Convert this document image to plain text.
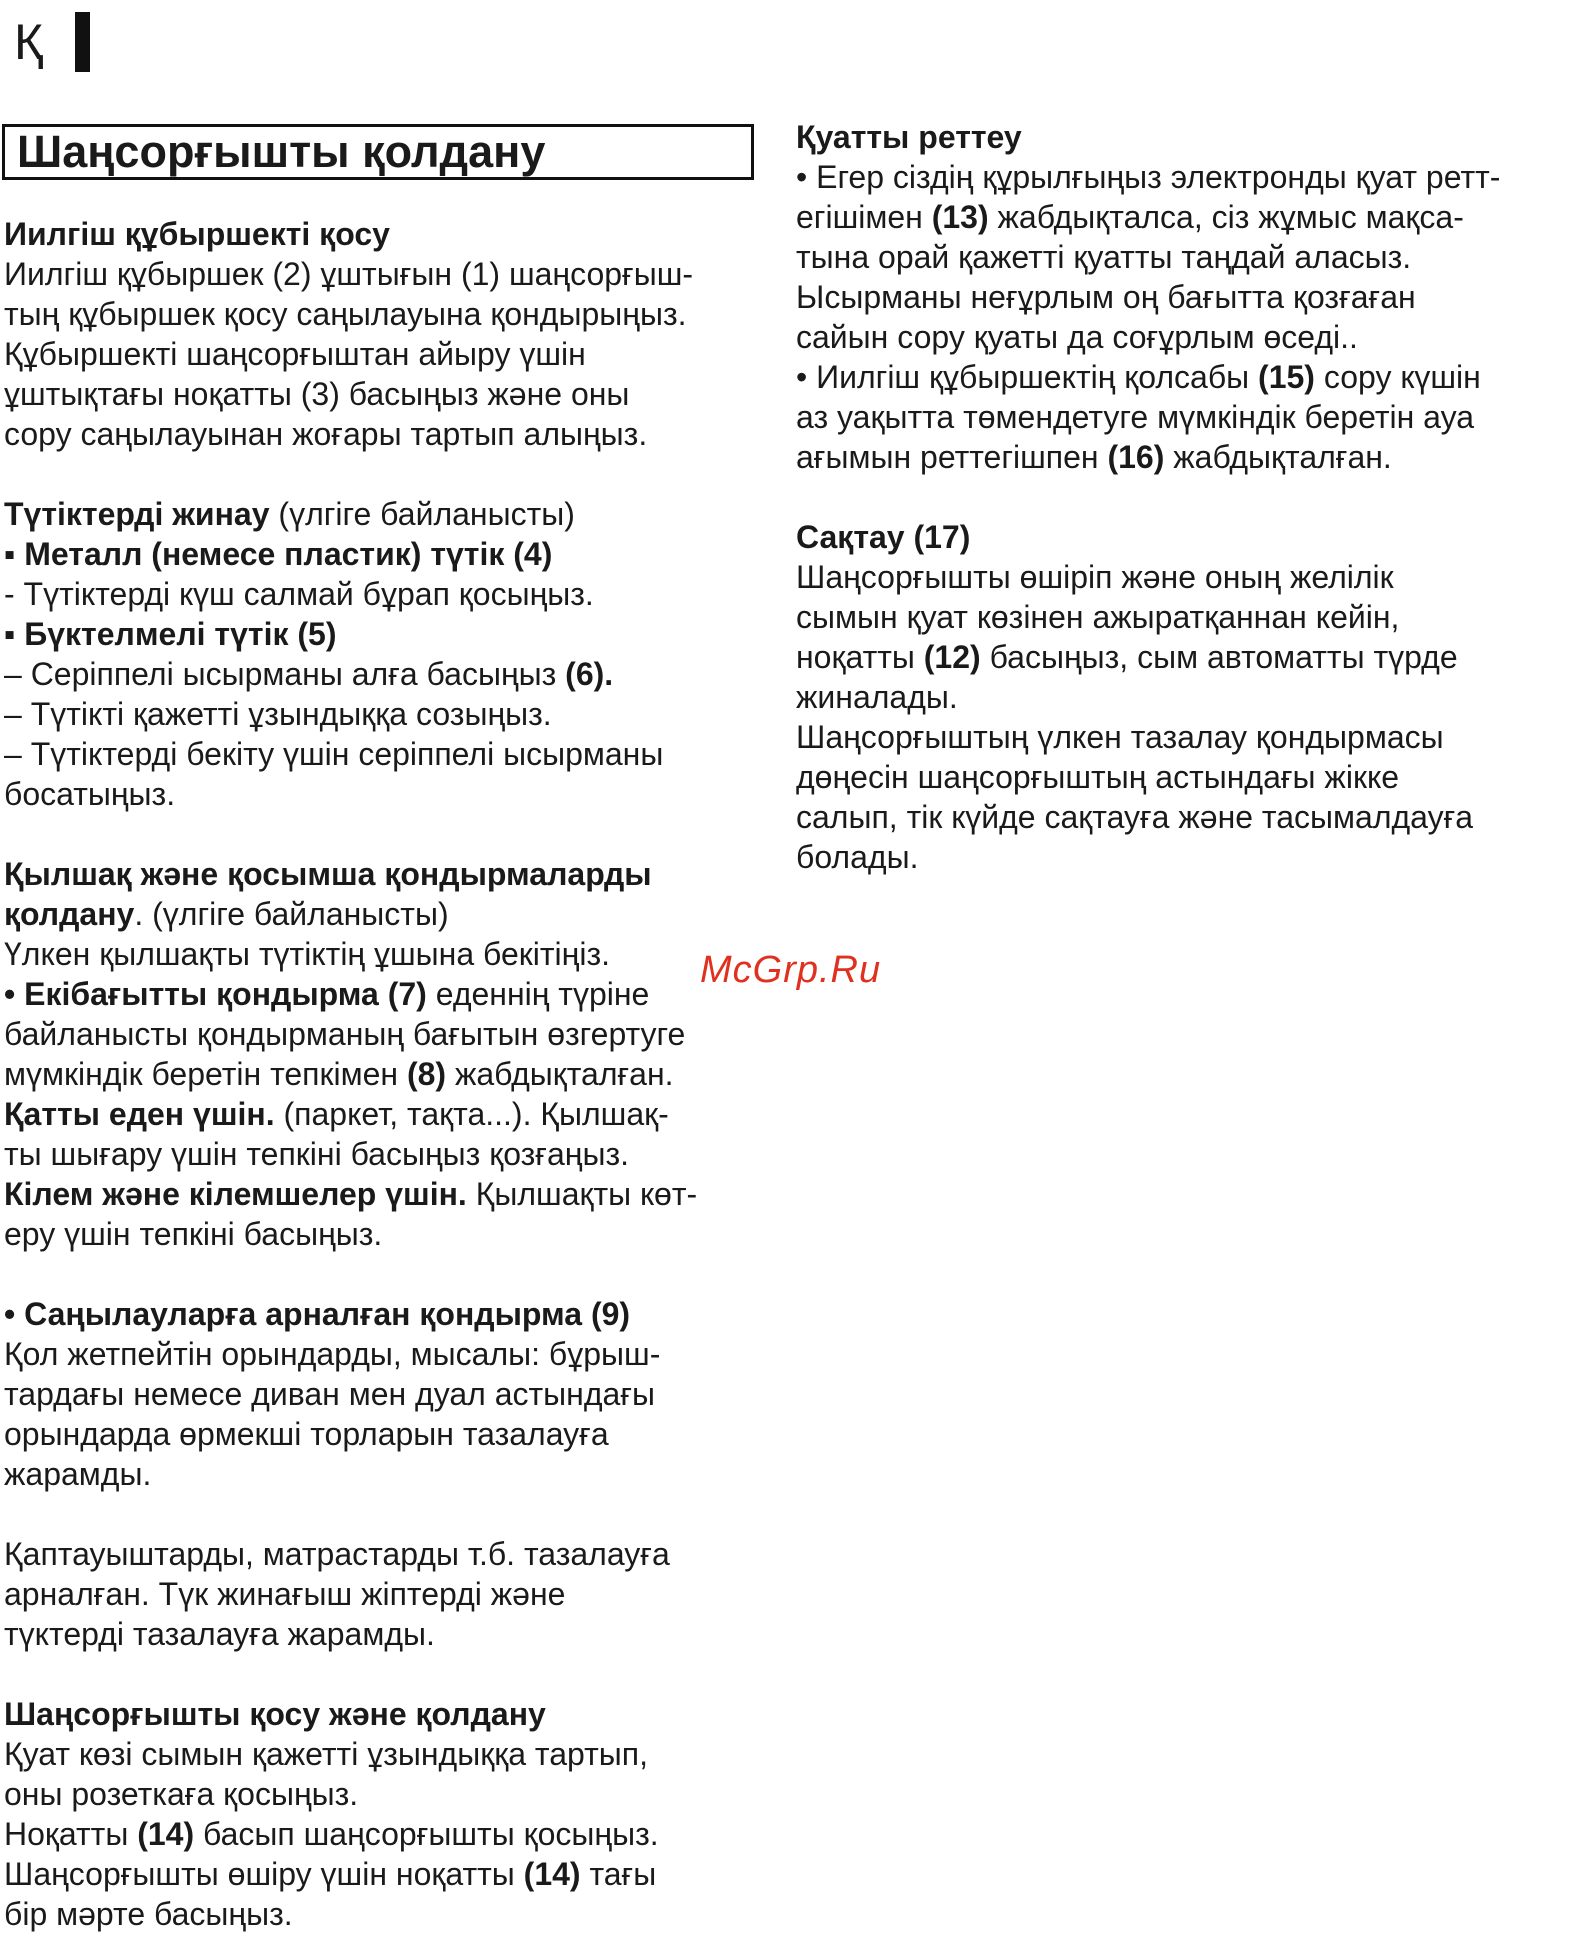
Қ
Шаңсорғышты қолдану

Иилгіш құбыршекті қосу

Иилгіш құбыршек (2) ұштығын (1) шаңсорғыш-

тың құбыршек қосу саңылауына қондырыңыз.

Құбыршекті шаңсорғыштан айыру үшін

ұштықтағы ноқатты (3) басыңыз және оны

сору саңылауынан жоғары тартып алыңыз.

Түтіктерді жинау (үлгіге байланысты)

▪ Металл (немесе пластик) түтік (4)

- Түтіктерді күш салмай бұрап қосыңыз.

▪ Бүктелмелі түтік (5)

– Серіппелі ысырманы алға басыңыз (6).

– Түтікті қажетті ұзындыққа созыңыз.

– Түтіктерді бекіту үшін серіппелі ысырманы

босатыңыз.

Қылшақ және қосымша қондырмаларды

қолдану. (үлгіге байланысты)

Үлкен қылшақты түтіктің ұшына бекітіңіз.

• Екібағытты қондырма (7) еденнің түріне

байланысты қондырманың бағытын өзгертуге

мүмкіндік беретін тепкімен (8) жабдықталған.

Қатты еден үшін. (паркет, тақта...). Қылшақ-

ты шығару үшін тепкіні басыңыз қозғаңыз.

Кілем және кілемшелер үшін. Қылшақты көт-

еру үшін тепкіні басыңыз.

• Саңылауларға арналған қондырма (9)

Қол жетпейтін орындарды, мысалы: бұрыш-

тардағы немесе диван мен дуал астындағы

орындарда өрмекші торларын тазалауға

жарамды.

Қаптауыштарды, матрастарды т.б. тазалауға

арналған. Түк жинағыш жіптерді және

түктерді тазалауға жарамды.

Шаңсорғышты қосу және қолдану

Қуат көзі сымын қажетті ұзындыққа тартып,

оны розеткаға қосыңыз.

Ноқатты (14) басып шаңсорғышты қосыңыз.

Шаңсорғышты өшіру үшін ноқатты (14) тағы

бір мәрте басыңыз.

Қуатты реттеу

• Егер сіздің құрылғыңыз электронды қуат ретт-

егішімен (13) жабдықталса, сіз жұмыс мақса-

тына орай қажетті қуатты таңдай аласыз.

Ысырманы неғұрлым оң бағытта қозғаған

сайын сору қуаты да соғұрлым өседі..

• Иилгіш құбыршектің қолсабы (15) сору күшін

аз уақытта төмендетуге мүмкіндік беретін ауа

ағымын реттегішпен (16) жабдықталған.

Сақтау (17)

Шаңсорғышты өшіріп және оның желілік

сымын қуат көзінен ажыратқаннан кейін,

ноқатты (12) басыңыз, сым автоматты түрде

жиналады.

Шаңсорғыштың үлкен тазалау қондырмасы

дөңесін шаңсорғыштың астындағы жікке

салып, тік күйде сақтауға және тасымалдауға

болады.

McGrp.Ru
